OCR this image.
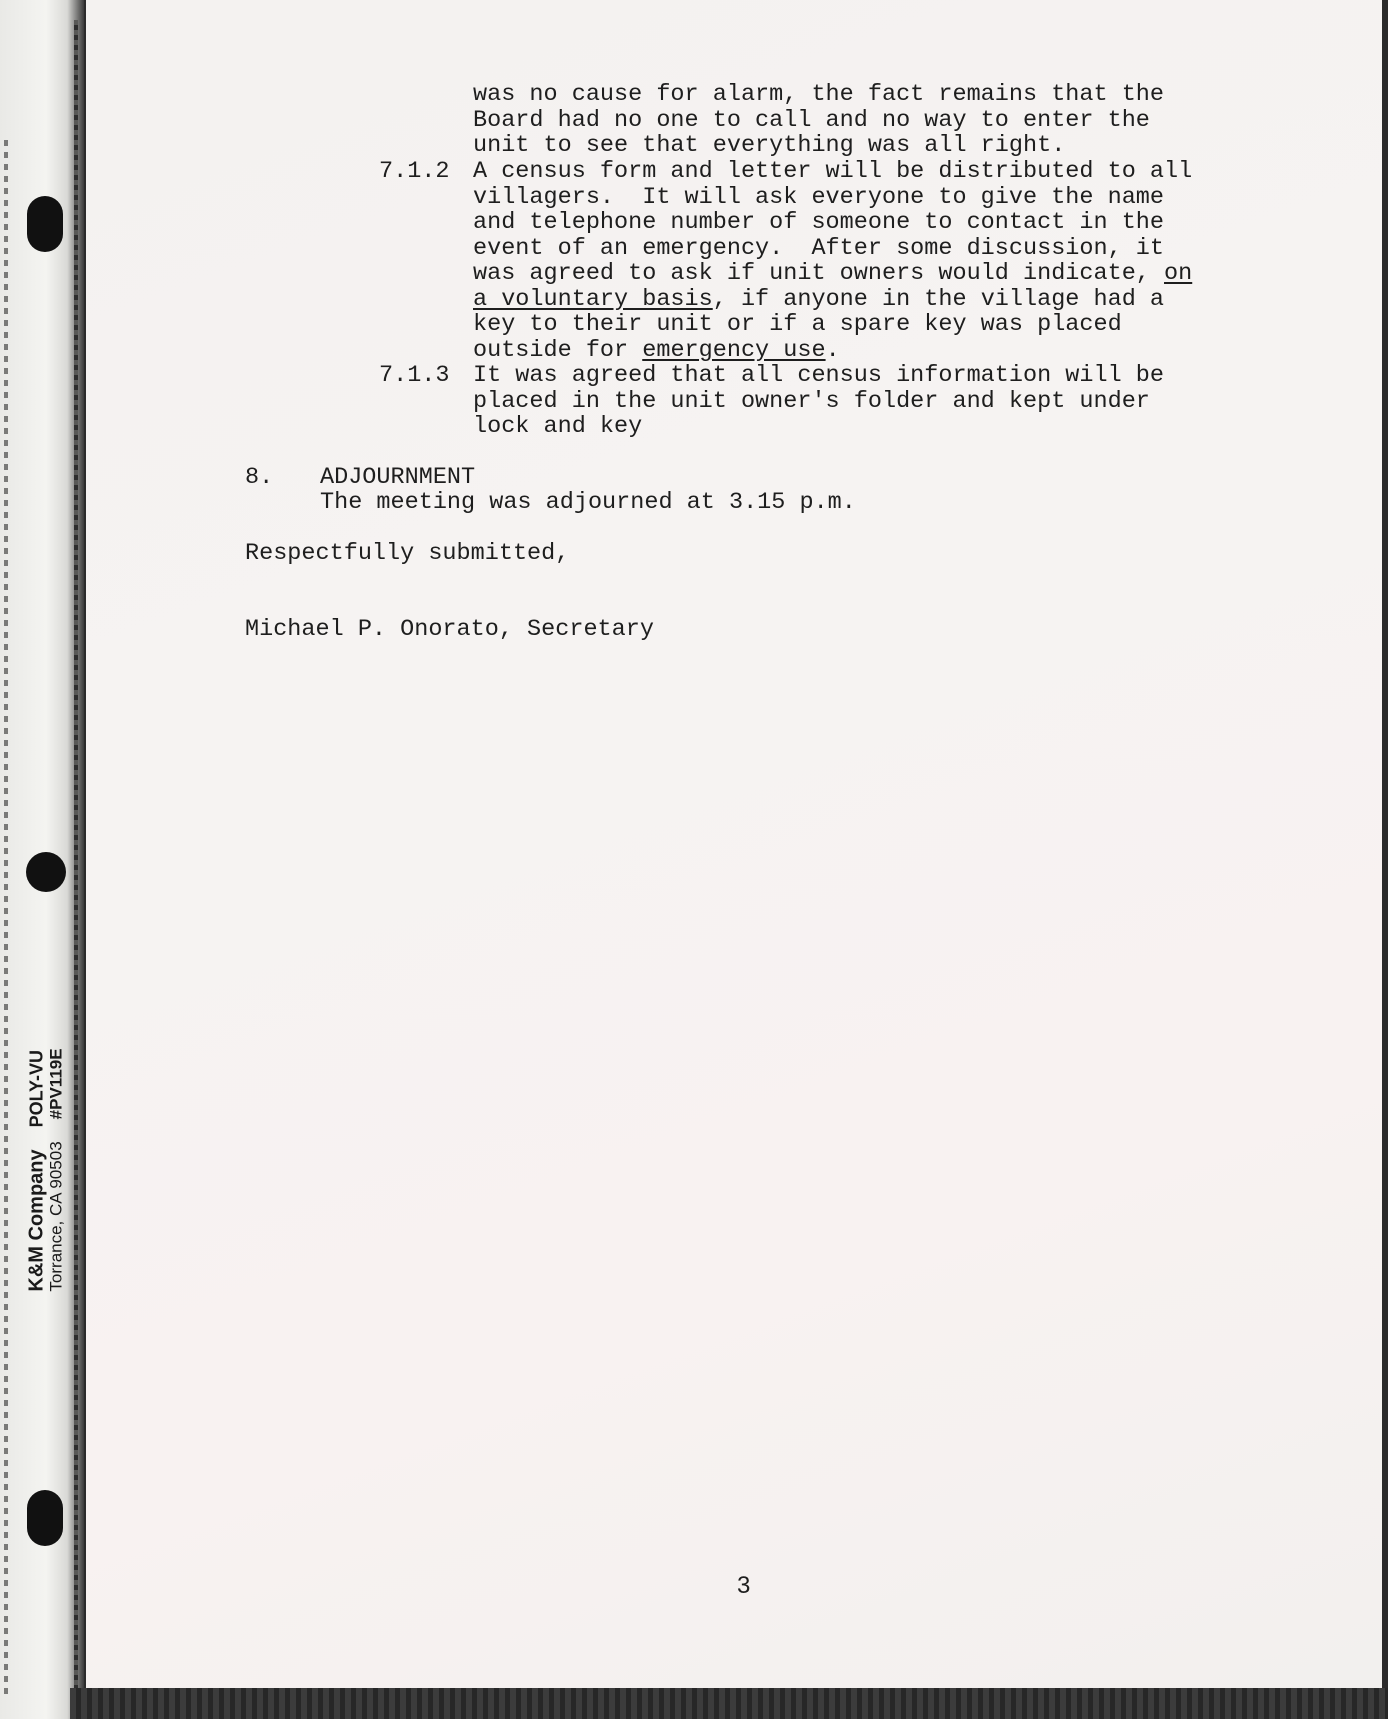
K&M Company
POLY-VU
Torrance, CA 90503
#PV119E
was no cause for alarm, the fact remains that the
Board had no one to call and no way to enter the
unit to see that everything was all right.
7.1.2 A census form and letter will be distributed to all
villagers.  It will ask everyone to give the name
and telephone number of someone to contact in the
event of an emergency.  After some discussion, it
was agreed to ask if unit owners would indicate, on
a voluntary basis, if anyone in the village had a
key to their unit or if a spare key was placed
outside for emergency use.
7.1.3 It was agreed that all census information will be
placed in the unit owner's folder and kept under
lock and key
8. ADJOURNMENT
The meeting was adjourned at 3.15 p.m.
Respectfully submitted,
Michael P. Onorato, Secretary
3
